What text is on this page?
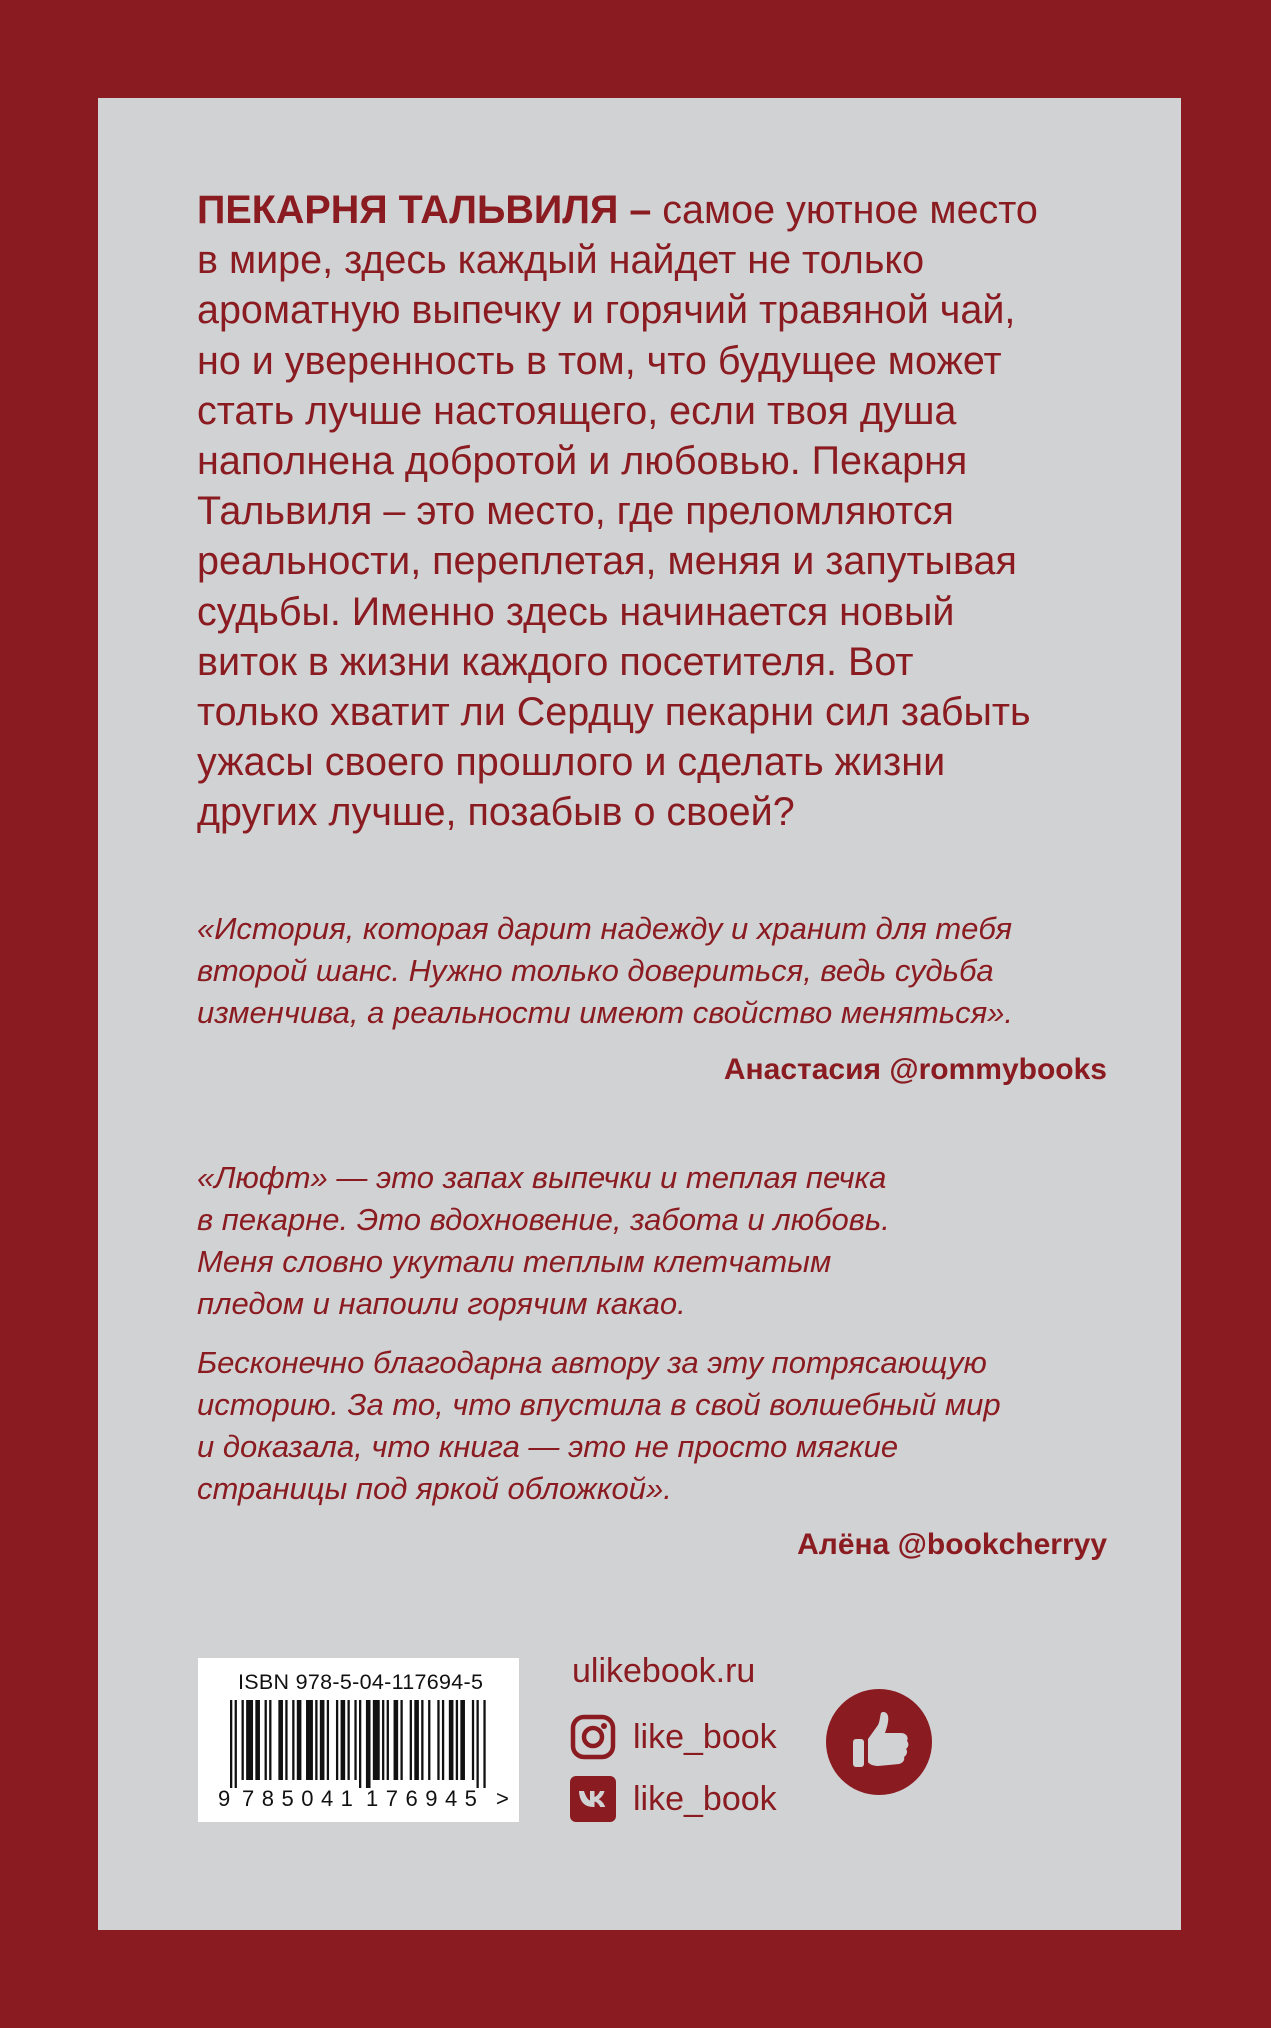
ПЕКАРНЯ ТАЛЬВИЛЯ – самое уютное место
в мире, здесь каждый найдет не только
ароматную выпечку и горячий травяной чай,
но и уверенность в том, что будущее может
стать лучше настоящего, если твоя душа
наполнена добротой и любовью. Пекарня
Тальвиля – это место, где преломляются
реальности, переплетая, меняя и запутывая
судьбы. Именно здесь начинается новый
виток в жизни каждого посетителя. Вот
только хватит ли Сердцу пекарни сил забыть
ужасы своего прошлого и сделать жизни
других лучше, позабыв о своей?

«История, которая дарит надежду и хранит для тебя
второй шанс. Нужно только довериться, ведь судьба
изменчива, а реальности имеют свойство меняться».

Анастасия @rommybooks

«Люфт» — это запах выпечки и теплая печка
в пекарне. Это вдохновение, забота и любовь.
Меня словно укутали теплым клетчатым
пледом и напоили горячим какао.

Бесконечно благодарна автору за эту потрясающую
историю. За то, что впустила в свой волшебный мир
и доказала, что книга — это не просто мягкие
страницы под яркой обложкой».

Алёна @bookcherryy
ISBN 978-5-04-117694-5
9 785041 176945 >
ulikebook.ru
like_book
like_book
